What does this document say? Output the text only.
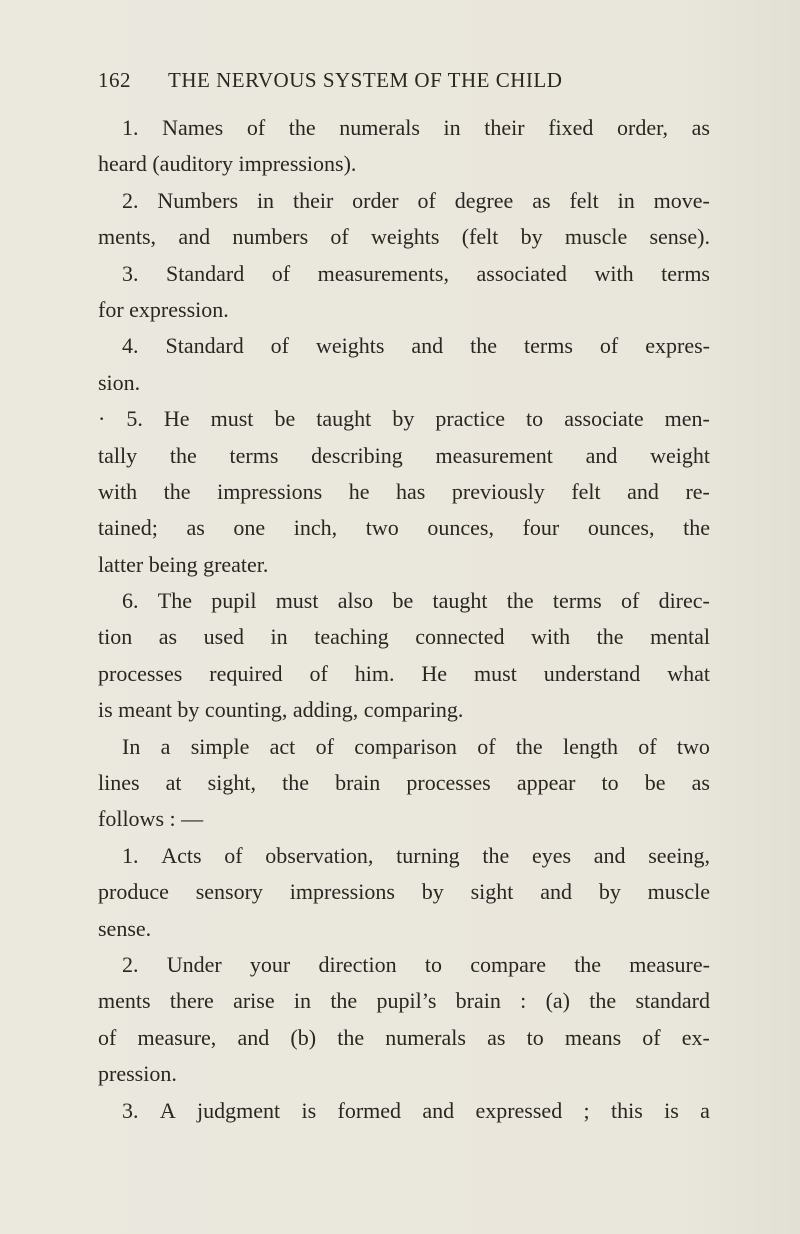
162	THE NERVOUS SYSTEM OF THE CHILD
1. Names of the numerals in their fixed order, as
heard (auditory impressions).
2. Numbers in their order of degree as felt in move-
ments, and numbers of weights (felt by muscle sense).
3. Standard of measurements, associated with terms
for expression.
4. Standard of weights and the terms of expres-
sion.
· 5. He must be taught by practice to associate men-
tally the terms describing measurement and weight
with the impressions he has previously felt and re-
tained; as one inch, two ounces, four ounces, the
latter being greater.
6. The pupil must also be taught the terms of direc-
tion as used in teaching connected with the mental
processes required of him. He must understand what
is meant by counting, adding, comparing.
In a simple act of comparison of the length of two
lines at sight, the brain processes appear to be as
follows : —
1. Acts of observation, turning the eyes and seeing,
produce sensory impressions by sight and by muscle
sense.
2. Under your direction to compare the measure-
ments there arise in the pupil’s brain : (a) the standard
of measure, and (b) the numerals as to means of ex-
pression.
3. A judgment is formed and expressed ; this is a
